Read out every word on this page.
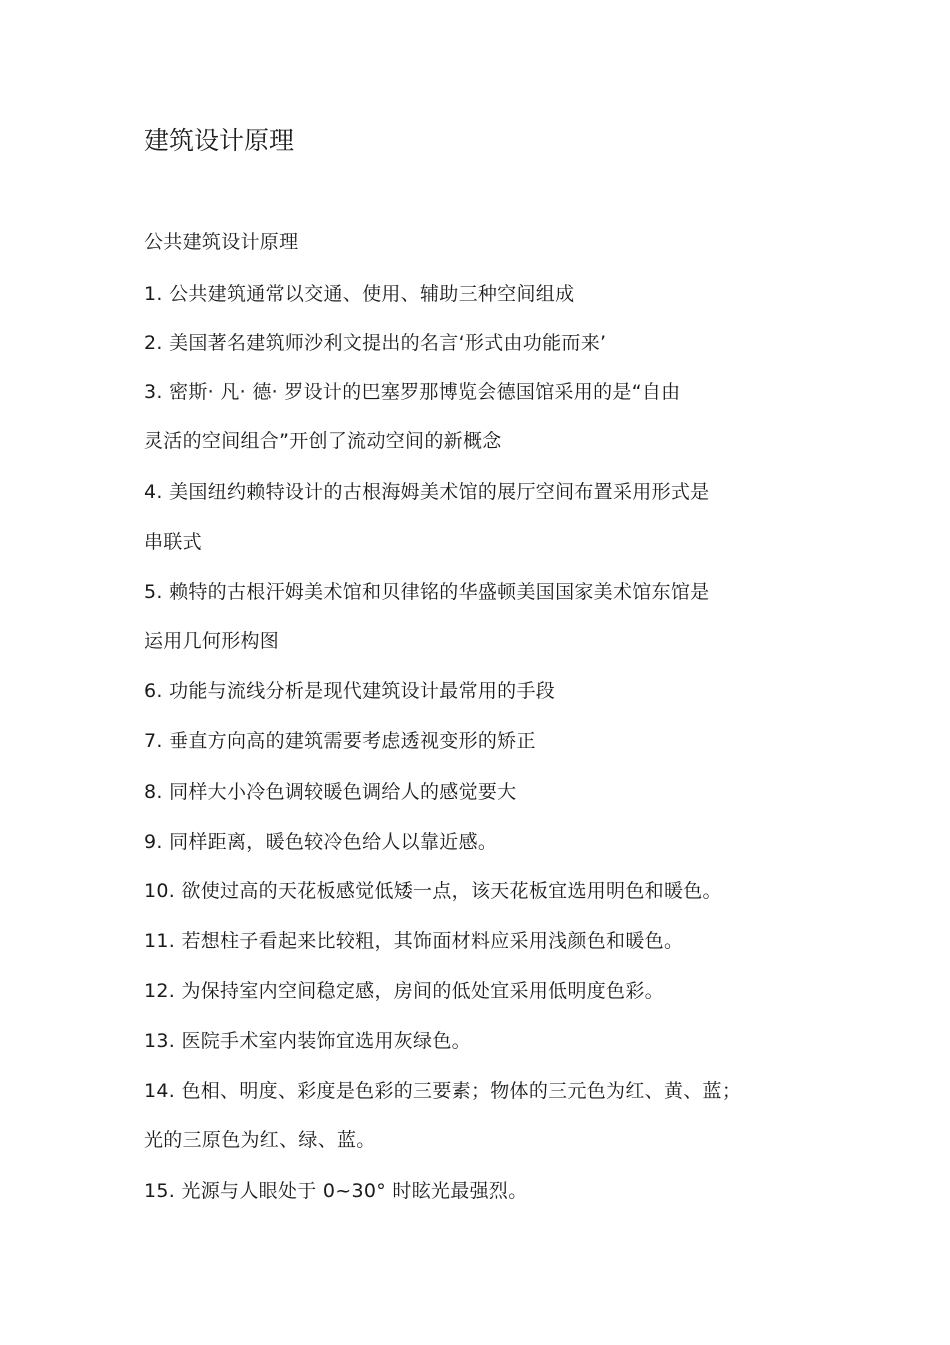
建筑设计原理
公共建筑设计原理
1. 公共建筑通常以交通、使用、辅助三种空间组成
2. 美国著名建筑师沙利文提出的名言‘形式由功能而来’
3. 密斯· 凡· 德· 罗设计的巴塞罗那博览会德国馆采用的是“自由
灵活的空间组合”开创了流动空间的新概念
4. 美国纽约赖特设计的古根海姆美术馆的展厅空间布置采用形式是
串联式
5. 赖特的古根汗姆美术馆和贝律铭的华盛顿美国国家美术馆东馆是
运用几何形构图
6. 功能与流线分析是现代建筑设计最常用的手段
7. 垂直方向高的建筑需要考虑透视变形的矫正
8. 同样大小冷色调较暖色调给人的感觉要大
9. 同样距离，暖色较冷色给人以靠近感。
10. 欲使过高的天花板感觉低矮一点，该天花板宜选用明色和暖色。
11. 若想柱子看起来比较粗，其饰面材料应采用浅颜色和暖色。
12. 为保持室内空间稳定感，房间的低处宜采用低明度色彩。
13. 医院手术室内装饰宜选用灰绿色。
14. 色相、明度、彩度是色彩的三要素；物体的三元色为红、黄、蓝；
光的三原色为红、绿、蓝。
15. 光源与人眼处于 0~30° 时眩光最强烈。
